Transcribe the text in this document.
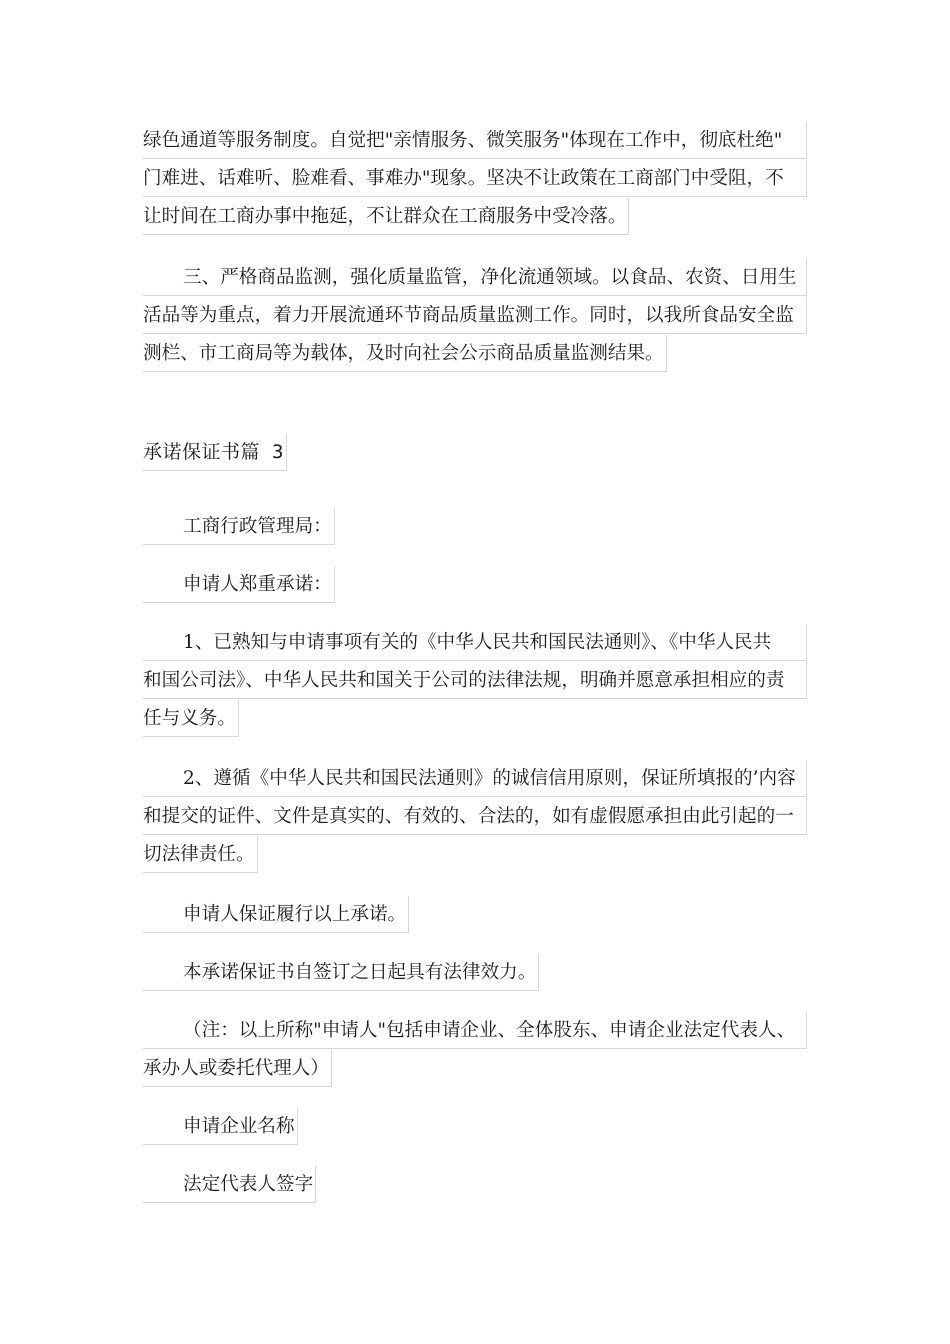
绿色通道等服务制度。自觉把"亲情服务、微笑服务"体现在工作中，彻底杜绝"
门难进、话难听、脸难看、事难办"现象。坚决不让政策在工商部门中受阻，不
让时间在工商办事中拖延，不让群众在工商服务中受冷落。
三、严格商品监测，强化质量监管，净化流通领域。以食品、农资、日用生
活品等为重点，着力开展流通环节商品质量监测工作。同时，以我所食品安全监
测栏、市工商局等为载体，及时向社会公示商品质量监测结果。
承诺保证书篇 3
工商行政管理局：
申请人郑重承诺：
1、已熟知与申请事项有关的《中华人民共和国民法通则》、《中华人民共
和国公司法》、中华人民共和国关于公司的法律法规，明确并愿意承担相应的责
任与义务。
2、遵循《中华人民共和国民法通则》的诚信信用原则，保证所填报的’内容
和提交的证件、文件是真实的、有效的、合法的，如有虚假愿承担由此引起的一
切法律责任。
申请人保证履行以上承诺。
本承诺保证书自签订之日起具有法律效力。
（注：以上所称"申请人"包括申请企业、全体股东、申请企业法定代表人、
承办人或委托代理人）
申请企业名称
法定代表人签字
